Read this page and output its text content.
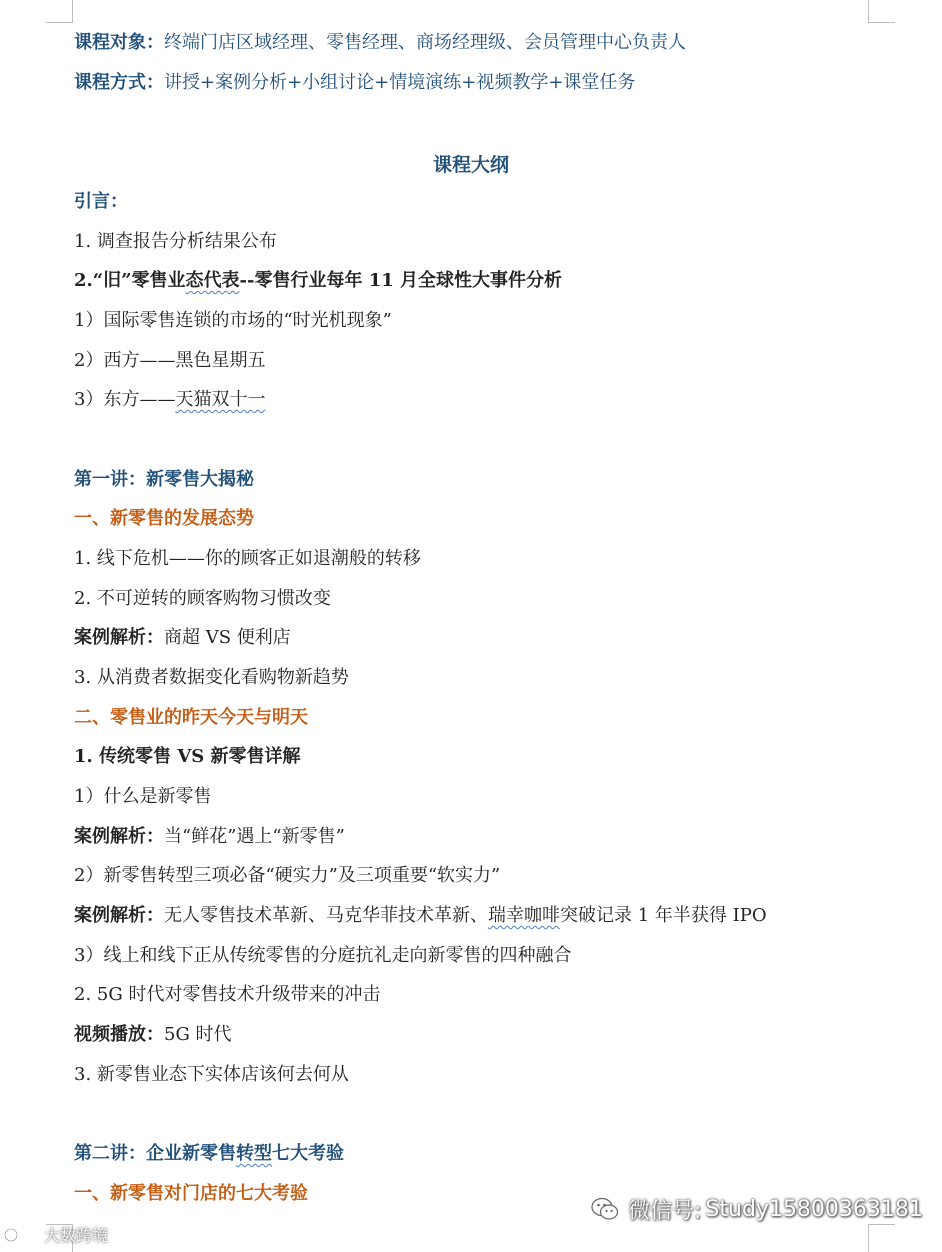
课程对象：终端门店区域经理、零售经理、商场经理级、会员管理中心负责人
课程方式：讲授+案例分析+小组讨论+情境演练+视频教学+课堂任务
课程大纲
引言：
1. 调查报告分析结果公布
2.“旧”零售业态代表--零售行业每年 11 月全球性大事件分析
1）国际零售连锁的市场的“时光机现象”
2）西方——黑色星期五
3）东方——天猫双十一
第一讲：新零售大揭秘
一、新零售的发展态势
1. 线下危机——你的顾客正如退潮般的转移
2. 不可逆转的顾客购物习惯改变
案例解析：商超 VS 便利店
3. 从消费者数据变化看购物新趋势
二、零售业的昨天今天与明天
1. 传统零售 VS 新零售详解
1）什么是新零售
案例解析：当“鲜花”遇上“新零售”
2）新零售转型三项必备“硬实力”及三项重要“软实力”
案例解析：无人零售技术革新、马克华菲技术革新、瑞幸咖啡突破记录 1 年半获得 IPO
3）线上和线下正从传统零售的分庭抗礼走向新零售的四种融合
2. 5G 时代对零售技术升级带来的冲击
视频播放：5G 时代
3. 新零售业态下实体店该何去何从
第二讲：企业新零售转型七大考验
一、新零售对门店的七大考验
微信号: Study15800363181
大数跨境
